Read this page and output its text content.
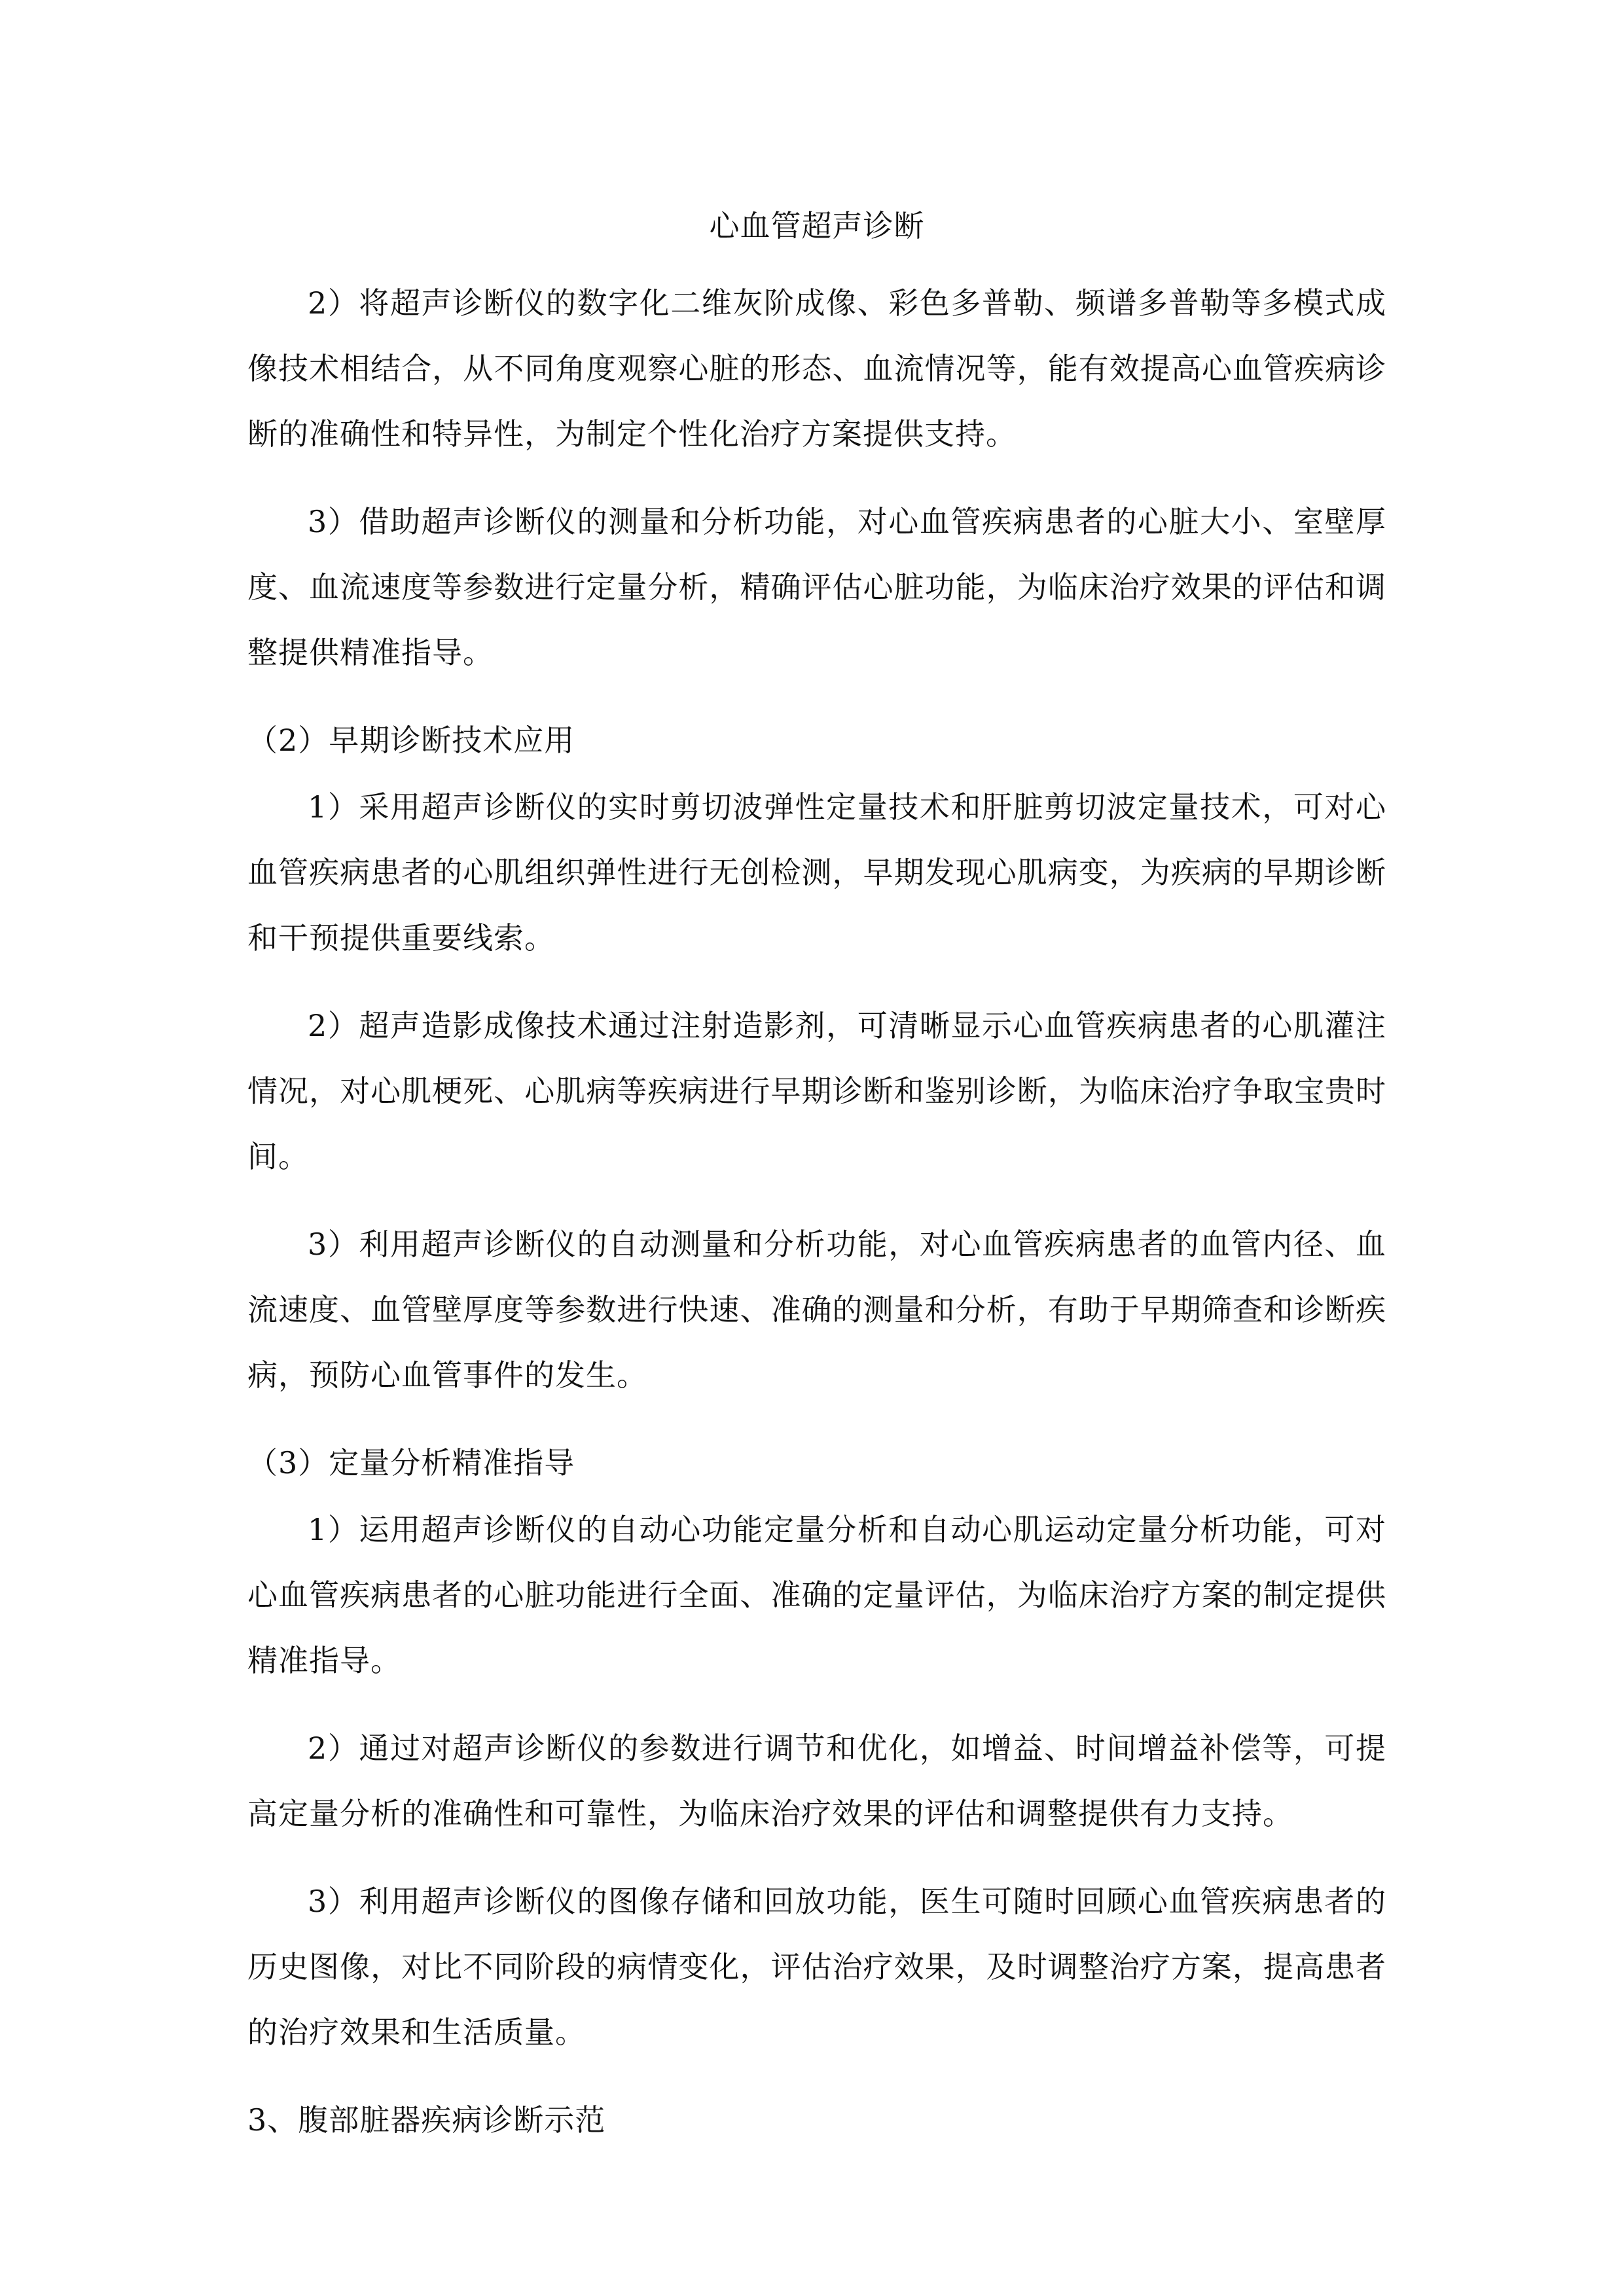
心血管超声诊断

2）将超声诊断仪的数字化二维灰阶成像、彩色多普勒、频谱多普勒等多模式成像技术相结合，从不同角度观察心脏的形态、血流情况等，能有效提高心血管疾病诊断的准确性和特异性，为制定个性化治疗方案提供支持。

3）借助超声诊断仪的测量和分析功能，对心血管疾病患者的心脏大小、室壁厚度、血流速度等参数进行定量分析，精确评估心脏功能，为临床治疗效果的评估和调整提供精准指导。

（2）早期诊断技术应用

1）采用超声诊断仪的实时剪切波弹性定量技术和肝脏剪切波定量技术，可对心血管疾病患者的心肌组织弹性进行无创检测，早期发现心肌病变，为疾病的早期诊断和干预提供重要线索。

2）超声造影成像技术通过注射造影剂，可清晰显示心血管疾病患者的心肌灌注情况，对心肌梗死、心肌病等疾病进行早期诊断和鉴别诊断，为临床治疗争取宝贵时间。

3）利用超声诊断仪的自动测量和分析功能，对心血管疾病患者的血管内径、血流速度、血管壁厚度等参数进行快速、准确的测量和分析，有助于早期筛查和诊断疾病，预防心血管事件的发生。

（3）定量分析精准指导

1）运用超声诊断仪的自动心功能定量分析和自动心肌运动定量分析功能，可对心血管疾病患者的心脏功能进行全面、准确的定量评估，为临床治疗方案的制定提供精准指导。

2）通过对超声诊断仪的参数进行调节和优化，如增益、时间增益补偿等，可提高定量分析的准确性和可靠性，为临床治疗效果的评估和调整提供有力支持。

3）利用超声诊断仪的图像存储和回放功能，医生可随时回顾心血管疾病患者的历史图像，对比不同阶段的病情变化，评估治疗效果，及时调整治疗方案，提高患者的治疗效果和生活质量。

3、腹部脏器疾病诊断示范
